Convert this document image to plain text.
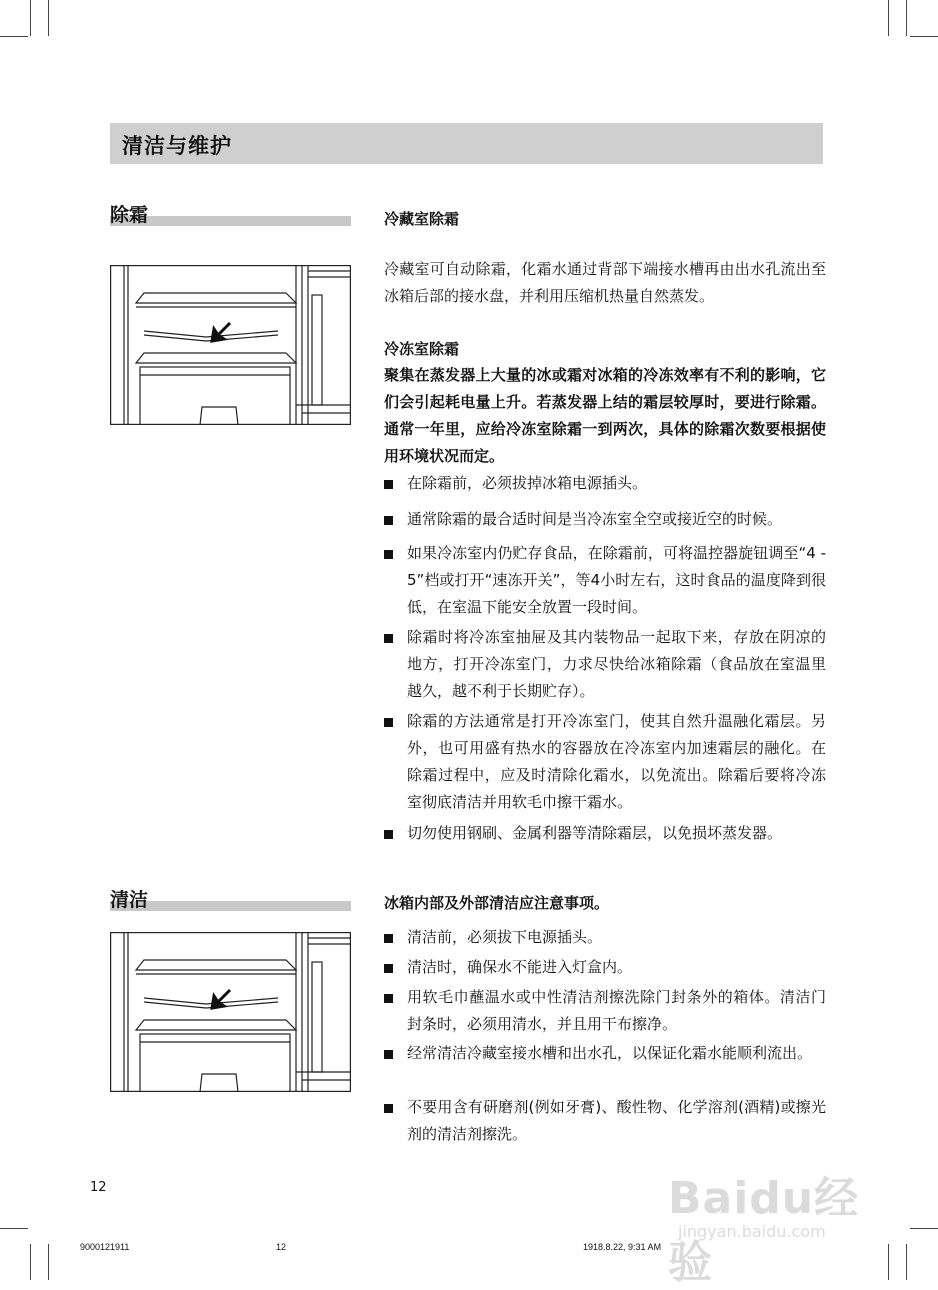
清洁与维护
除霜	冷藏室除霜

冷藏室可自动除霜，化霜水通过背部下端接水槽再由出水孔流出至冰箱后部的接水盘，并利用压缩机热量自然蒸发。

冷冻室除霜

聚集在蒸发器上大量的冰或霜对冰箱的冷冻效率有不利的影响，它们会引起耗电量上升。若蒸发器上结的霜层较厚时，要进行除霜。通常一年里，应给冷冻室除霜一到两次，具体的除霜次数要根据使用环境状况而定。

在除霜前，必须拔掉冰箱电源插头。
通常除霜的最合适时间是当冷冻室全空或接近空的时候。
如果冷冻室内仍贮存食品，在除霜前，可将温控器旋钮调至“4 - 5”档或打开“速冻开关”，等4小时左右，这时食品的温度降到很低，在室温下能安全放置一段时间。
除霜时将冷冻室抽屉及其内装物品一起取下来，存放在阴凉的地方，打开冷冻室门，力求尽快给冰箱除霜（食品放在室温里越久，越不利于长期贮存）。
除霜的方法通常是打开冷冻室门，使其自然升温融化霜层。另外，也可用盛有热水的容器放在冷冻室内加速霜层的融化。在除霜过程中，应及时清除化霜水，以免流出。除霜后要将冷冻室彻底清洁并用软毛巾擦干霜水。
切勿使用钢刷、金属利器等清除霜层，以免损坏蒸发器。
清洁	冰箱内部及外部清洁应注意事项。
清洁前，必须拔下电源插头。
清洁时，确保水不能进入灯盒内。
用软毛巾蘸温水或中性清洁剂擦洗除门封条外的箱体。清洁门封条时，必须用清水，并且用干布擦净。
经常清洁冷藏室接水槽和出水孔，以保证化霜水能顺利流出。
不要用含有研磨剂(例如牙膏)、酸性物、化学溶剂(酒精)或擦光剂的清洁剂擦洗。
12	Baidu经验
jingyan.baidu.com
9000121911	12	1918.8.22, 9:31 AM
